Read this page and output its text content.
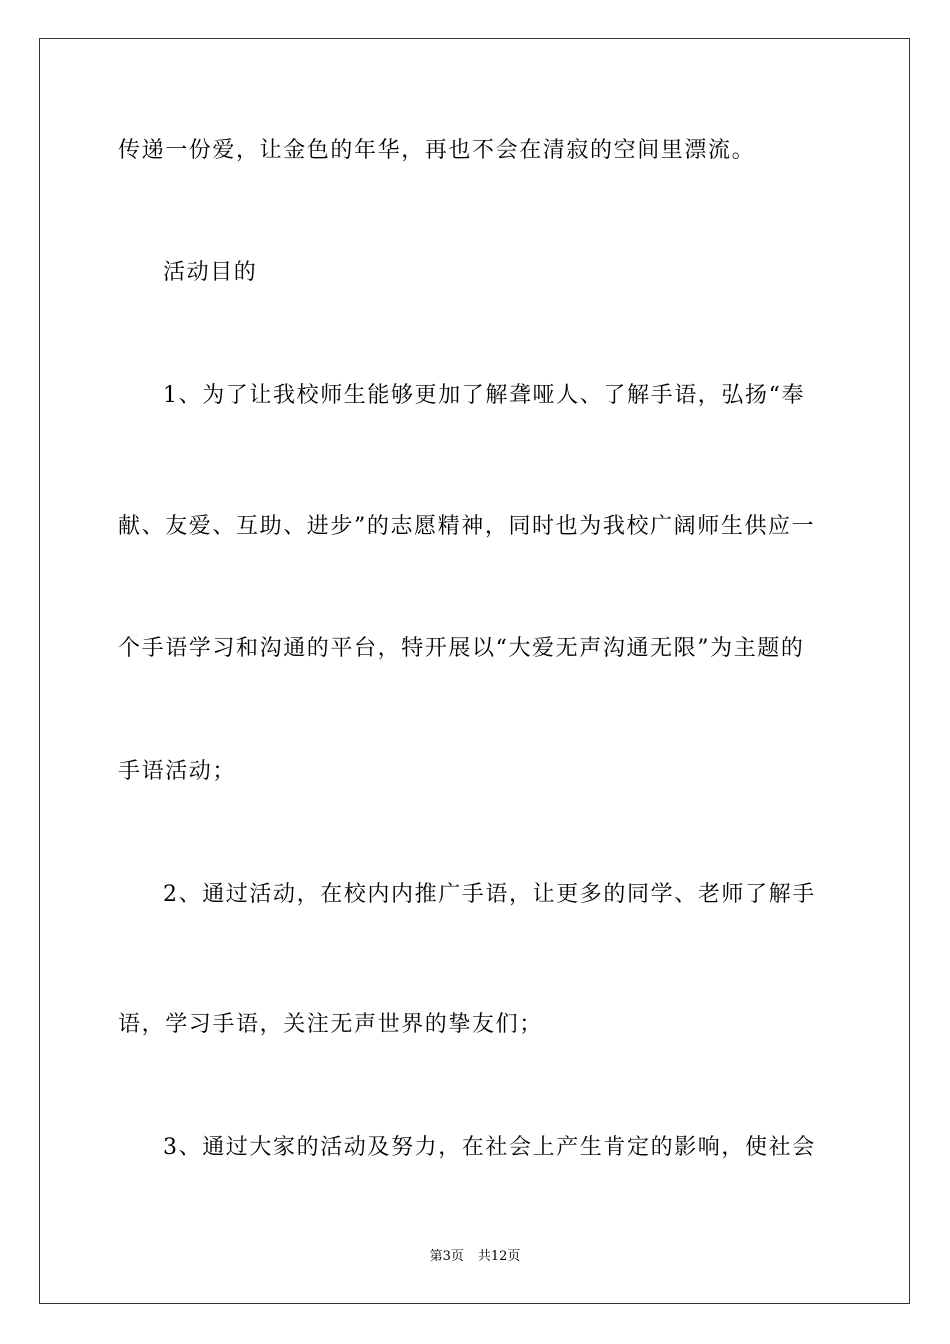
传递一份爱，让金色的年华，再也不会在清寂的空间里漂流。
活动目的
1、为了让我校师生能够更加了解聋哑人、了解手语，弘扬“奉
献、友爱、互助、进步”的志愿精神，同时也为我校广阔师生供应一
个手语学习和沟通的平台，特开展以“大爱无声沟通无限”为主题的
手语活动；
2、通过活动，在校内内推广手语，让更多的同学、老师了解手
语，学习手语，关注无声世界的挚友们；
3、通过大家的活动及努力，在社会上产生肯定的影响，使社会
第3页 共12页
